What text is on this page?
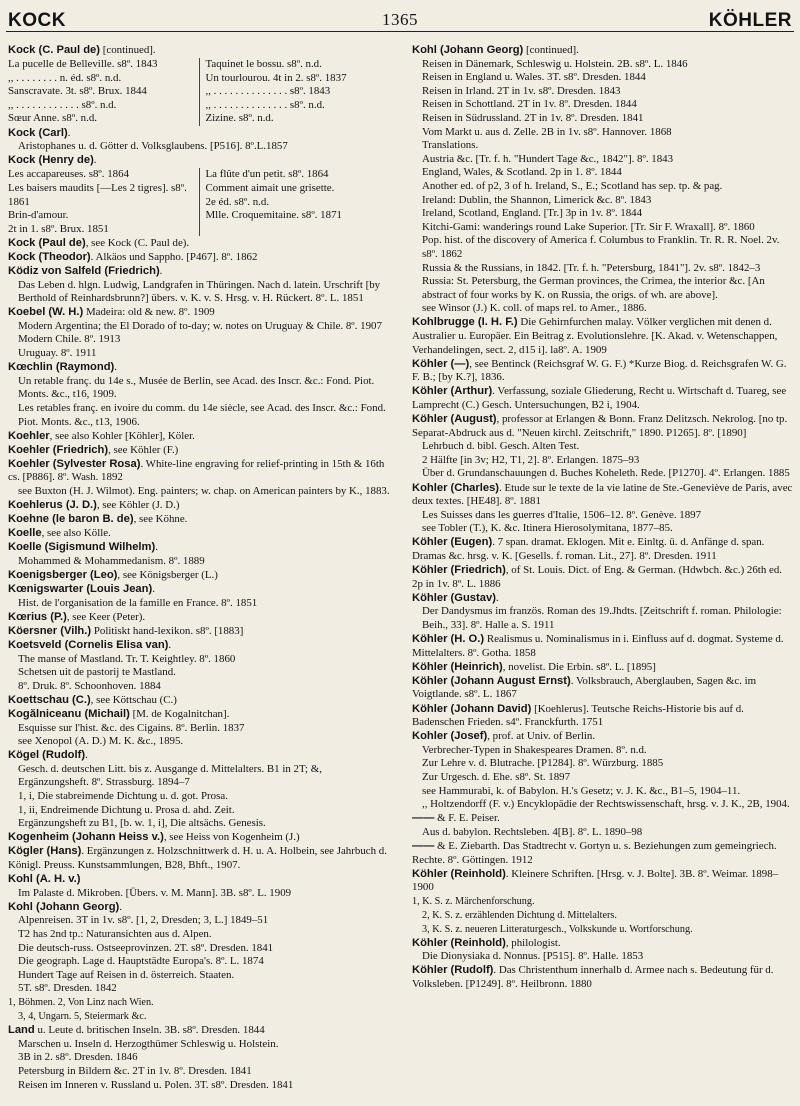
KOCK	1365	KÖHLER

Kock (C. Paul de) [continued].

La pucelle de Belleville. s8º. 1843

,, . . . . . . . . n. éd. s8º. n.d.

Sanscravate. 3t. s8º. Brux. 1844

,, . . . . . . . . . . . . s8º. n.d.

Sœur Anne. s8º. n.d.

Taquinet le bossu. s8º. n.d.

Un tourlourou. 4t in 2. s8º. 1837

,, . . . . . . . . . . . . . . s8º. 1843

,, . . . . . . . . . . . . . . s8º. n.d.

Zizine. s8º. n.d.

Kock (Carl).

Aristophanes u. d. Götter d. Volksglaubens. [P516]. 8º.L.1857

Kock (Henry de).

Les accapareuses. s8º. 1864

Les baisers maudits [—Les 2 tigres]. s8º. 1861

Brin-d'amour.

2t in 1. s8º. Brux. 1851

La flûte d'un petit. s8º. 1864

Comment aimait une grisette.

2e éd. s8º. n.d.

Mlle. Croquemitaine. s8º. 1871

Kock (Paul de), see Kock (C. Paul de).

Kock (Theodor). Alkäos und Sappho. [P467]. 8º. 1862

Ködiz von Salfeld (Friedrich).

Das Leben d. hlgn. Ludwig, Landgrafen in Thüringen. Nach d. latein. Urschrift [by Berthold of Reinhardsbrunn?] übers. v. K. v. S. Hrsg. v. H. Rückert. 8º. L. 1851

Koebel (W. H.) Madeira: old & new. 8º. 1909

Modern Argentina; the El Dorado of to-day; w. notes on Uruguay & Chile. 8º. 1907

Modern Chile. 8º. 1913

Uruguay. 8º. 1911

Kœchlin (Raymond).

Un retable franç. du 14e s., Musée de Berlin, see Acad. des Inscr. &c.: Fond. Piot. Monts. &c., t16, 1909.

Les retables franç. en ivoire du comm. du 14e siècle, see Acad. des Inscr. &c.: Fond. Piot. Monts. &c., t13, 1906.

Koehler, see also Kohler [Köhler], Köler.

Koehler (Friedrich), see Köhler (F.)

Koehler (Sylvester Rosa). White-line engraving for relief-printing in 15th & 16th cs. [P886]. 8º. Wash. 1892

see Buxton (H. J. Wilmot). Eng. painters; w. chap. on American painters by K., 1883.

Koehlerus (J. D.), see Köhler (J. D.)

Koehne (le baron B. de), see Köhne.

Koelle, see also Kölle.

Koelle (Sigismund Wilhelm).

Mohammed & Mohammedanism. 8º. 1889

Koenigsberger (Leo), see Königsberger (L.)

Kœnigswarter (Louis Jean).

Hist. de l'organisation de la famille en France. 8º. 1851

Kœrius (P.), see Keer (Peter).

Köersner (Vilh.) Politiskt hand-lexikon. s8º. [1883]

Koetsveld (Cornelis Elisa van).

The manse of Mastland. Tr. T. Keightley. 8º. 1860

Schetsen uit de pastorij te Mastland.

8º. Druk. 8º. Schoonhoven. 1884

Koettschau (C.), see Köttschau (C.)

Kogălniceanu (Michail) [M. de Kogalnitchan].

Esquisse sur l'hist. &c. des Cigains. 8º. Berlin. 1837

see Xenopol (A. D.) M. K. &c., 1895.

Kögel (Rudolf).

Gesch. d. deutschen Litt. bis z. Ausgange d. Mittelalters. B1 in 2T; &, Ergänzungsheft. 8º. Strassburg. 1894–7

1, i, Die stabreimende Dichtung u. d. got. Prosa.

1, ii, Endreimende Dichtung u. Prosa d. ahd. Zeit.

Ergänzungsheft zu B1, [b. w. 1, i], Die altsächs. Genesis.

Kogenheim (Johann Heiss v.), see Heiss von Kogenheim (J.)

Kögler (Hans). Ergänzungen z. Holzschnittwerk d. H. u. A. Holbein, see Jahrbuch d. Königl. Preuss. Kunstsammlungen, B28, Bhft., 1907.

Kohl (A. H. v.)

Im Palaste d. Mikroben. [Übers. v. M. Mann]. 3B. s8º. L. 1909

Kohl (Johann Georg).

Alpenreisen. 3T in 1v. s8º. [1, 2, Dresden; 3, L.] 1849–51

T2 has 2nd tp.: Naturansichten aus d. Alpen.

Die deutsch-russ. Ostseeprovinzen. 2T. s8º. Dresden. 1841

Die geograph. Lage d. Hauptstädte Europa's. 8º. L. 1874

Hundert Tage auf Reisen in d. österreich. Staaten.

5T. s8º. Dresden. 1842

1, Böhmen. 2, Von Linz nach Wien.

3, 4, Ungarn. 5, Steiermark &c.

Land u. Leute d. britischen Inseln. 3B. s8º. Dresden. 1844

Marschen u. Inseln d. Herzogthümer Schleswig u. Holstein.

3B in 2. s8º. Dresden. 1846

Petersburg in Bildern &c. 2T in 1v. 8º. Dresden. 1841

Reisen im Inneren v. Russland u. Polen. 3T. s8º. Dresden. 1841

Kohl (Johann Georg) [continued].

Reisen in Dänemark, Schleswig u. Holstein. 2B. s8º. L. 1846

Reisen in England u. Wales. 3T. s8º. Dresden. 1844

Reisen in Irland. 2T in 1v. s8º. Dresden. 1843

Reisen in Schottland. 2T in 1v. 8º. Dresden. 1844

Reisen in Südrussland. 2T in 1v. 8º. Dresden. 1841

Vom Markt u. aus d. Zelle. 2B in 1v. s8º. Hannover. 1868

Translations.

Austria &c. [Tr. f. h. "Hundert Tage &c., 1842"]. 8º. 1843

England, Wales, & Scotland. 2p in 1. 8º. 1844

Another ed. of p2, 3 of h. Ireland, S., E.; Scotland has sep. tp. & pag.

Ireland: Dublin, the Shannon, Limerick &c. 8º. 1843

Ireland, Scotland, England. [Tr.] 3p in 1v. 8º. 1844

Kitchi-Gami: wanderings round Lake Superior. [Tr. Sir F. Wraxall]. 8º. 1860

Pop. hist. of the discovery of America f. Columbus to Franklin. Tr. R. R. Noel. 2v. s8º. 1862

Russia & the Russians, in 1842. [Tr. f. h. "Petersburg, 1841"]. 2v. s8º. 1842–3

Russia: St. Petersburg, the German provinces, the Crimea, the interior &c. [An abstract of four works by K. on Russia, the origs. of wh. are above].

see Winsor (J.) K. coll. of maps rel. to Amer., 1886.

Kohlbrugge (I. H. F.) Die Gehirnfurchen malay. Völker verglichen mit denen d. Australier u. Europäer. Ein Beitrag z. Evolutionslehre. [K. Akad. v. Wetenschappen, Verhandelingen, sect. 2, d15 i]. la8º. A. 1909

Köhler (—), see Bentinck (Reichsgraf W. G. F.) *Kurze Biog. d. Reichsgrafen W. G. F. B.; [by K.?], 1836.

Köhler (Arthur). Verfassung, soziale Gliederung, Recht u. Wirtschaft d. Tuareg, see Lamprecht (C.) Gesch. Untersuchungen, B2 i, 1904.

Köhler (August), professor at Erlangen & Bonn. Franz Delitzsch. Nekrolog. [no tp. Separat-Abdruck aus d. "Neuen kirchl. Zeitschrift," 1890. P1265]. 8º. [1890]

Lehrbuch d. bibl. Gesch. Alten Test.

2 Hälfte [in 3v; H2, T1, 2]. 8º. Erlangen. 1875–93

Über d. Grundanschauungen d. Buches Koheleth. Rede. [P1270]. 4º. Erlangen. 1885

Kohler (Charles). Etude sur le texte de la vie latine de Ste.-Geneviève de Paris, avec deux textes. [HE48]. 8º. 1881

Les Suisses dans les guerres d'Italie, 1506–12. 8º. Genève. 1897

see Tobler (T.), K. &c. Itinera Hierosolymitana, 1877–85.

Köhler (Eugen). 7 span. dramat. Eklogen. Mit e. Einltg. ü. d. Anfänge d. span. Dramas &c. hrsg. v. K. [Gesells. f. roman. Lit., 27]. 8º. Dresden. 1911

Köhler (Friedrich), of St. Louis. Dict. of Eng. & German. (Hdwbch. &c.) 26th ed. 2p in 1v. 8º. L. 1886

Köhler (Gustav).

Der Dandysmus im französ. Roman des 19.Jhdts. [Zeitschrift f. roman. Philologie: Beih., 33]. 8º. Halle a. S. 1911

Köhler (H. O.) Realismus u. Nominalismus in i. Einfluss auf d. dogmat. Systeme d. Mittelalters. 8º. Gotha. 1858

Köhler (Heinrich), novelist. Die Erbin. s8º. L. [1895]

Köhler (Johann August Ernst). Volksbrauch, Aberglauben, Sagen &c. im Voigtlande. s8º. L. 1867

Köhler (Johann David) [Koehlerus]. Teutsche Reichs-Historie bis auf d. Badenschen Frieden. s4º. Franckfurth. 1751

Kohler (Josef), prof. at Univ. of Berlin.

Verbrecher-Typen in Shakespeares Dramen. 8º. n.d.

Zur Lehre v. d. Blutrache. [P1284]. 8º. Würzburg. 1885

Zur Urgesch. d. Ehe. s8º. St. 1897

see Hammurabi, k. of Babylon. H.'s Gesetz; v. J. K. &c., B1–5, 1904–11.

,, Holtzendorff (F. v.) Encyklopädie der Rechtswissenschaft, hrsg. v. J. K., 2B, 1904.

—— & F. E. Peiser.

Aus d. babylon. Rechtsleben. 4[B]. 8º. L. 1890–98

—— & E. Ziebarth. Das Stadtrecht v. Gortyn u. s. Beziehungen zum gemeingriech. Rechte. 8º. Göttingen. 1912

Köhler (Reinhold). Kleinere Schriften. [Hrsg. v. J. Bolte]. 3B. 8º. Weimar. 1898–1900

1, K. S. z. Märchenforschung.

2, K. S. z. erzählenden Dichtung d. Mittelalters.

3, K. S. z. neueren Litteraturgesch., Volkskunde u. Wortforschung.

Köhler (Reinhold), philologist.

Die Dionysiaka d. Nonnus. [P515]. 8º. Halle. 1853

Köhler (Rudolf). Das Christenthum innerhalb d. Armee nach s. Bedeutung für d. Volksleben. [P1249]. 8º. Heilbronn. 1880
